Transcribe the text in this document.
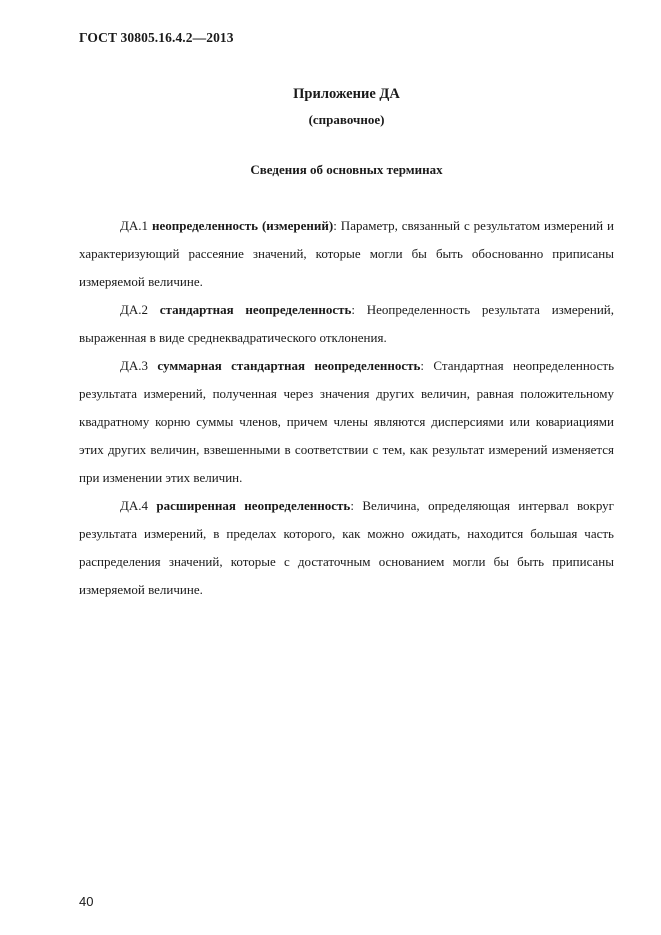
ГОСТ 30805.16.4.2—2013
Приложение ДА
(справочное)
Сведения об основных терминах

ДА.1 неопределенность (измерений): Параметр, связанный с результатом измерений и характеризующий рассеяние значений, которые могли бы быть обоснованно приписаны измеряемой величине.

ДА.2 стандартная неопределенность: Неопределенность результата измерений, выраженная в виде среднеквадратического отклонения.

ДА.3 суммарная стандартная неопределенность: Стандартная неопределенность результата измерений, полученная через значения других величин, равная положительному квадратному корню суммы членов, причем члены являются дисперсиями или ковариациями этих других величин, взвешенными в соответствии с тем, как результат измерений изменяется при изменении этих величин.

ДА.4 расширенная неопределенность: Величина, определяющая интервал вокруг результата измерений, в пределах которого, как можно ожидать, находится большая часть распределения значений, которые с достаточным основанием могли бы быть приписаны измеряемой величине.

40
